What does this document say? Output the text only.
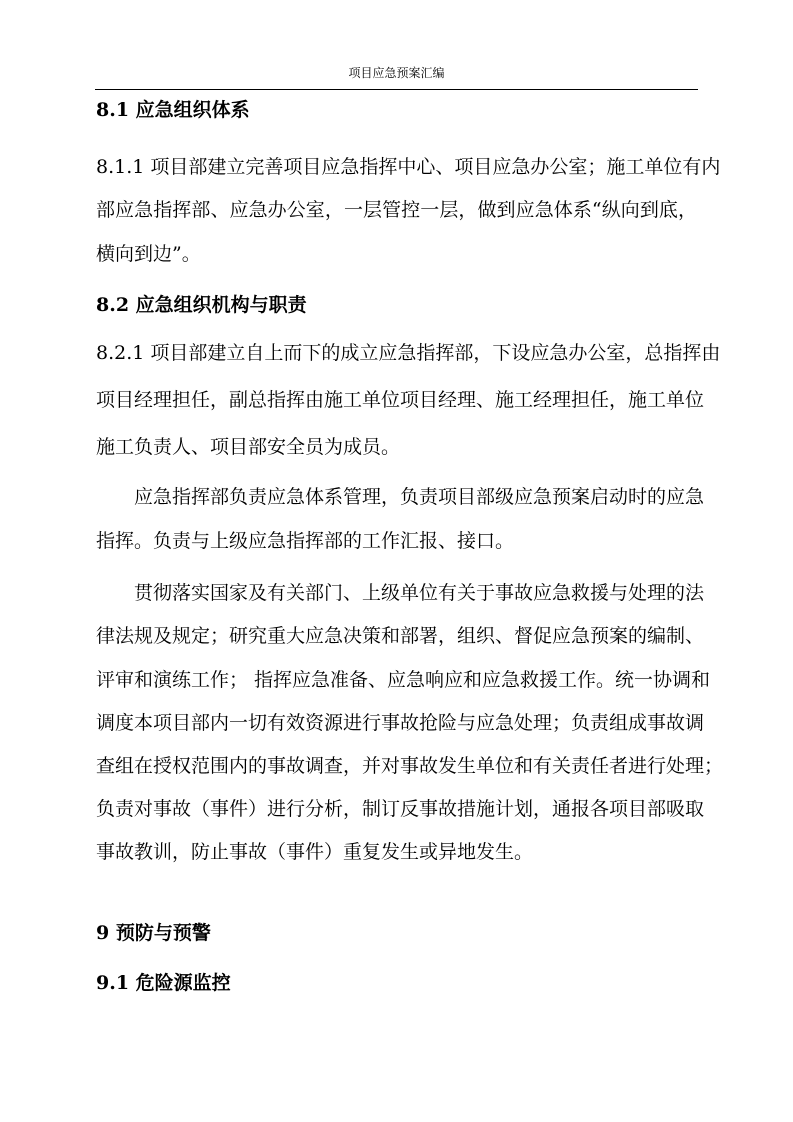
项目应急预案汇编
8.1 应急组织体系
8.1.1 项目部建立完善项目应急指挥中心、项目应急办公室；施工单位有内
部应急指挥部、应急办公室，一层管控一层，做到应急体系“纵向到底，
横向到边”。
8.2 应急组织机构与职责
8.2.1 项目部建立自上而下的成立应急指挥部，下设应急办公室，总指挥由
项目经理担任，副总指挥由施工单位项目经理、施工经理担任，施工单位
施工负责人、项目部安全员为成员。
应急指挥部负责应急体系管理，负责项目部级应急预案启动时的应急
指挥。负责与上级应急指挥部的工作汇报、接口。
贯彻落实国家及有关部门、上级单位有关于事故应急救援与处理的法
律法规及规定；研究重大应急决策和部署，组织、督促应急预案的编制、
评审和演练工作； 指挥应急准备、应急响应和应急救援工作。统一协调和
调度本项目部内一切有效资源进行事故抢险与应急处理；负责组成事故调
查组在授权范围内的事故调查，并对事故发生单位和有关责任者进行处理；
负责对事故（事件）进行分析，制订反事故措施计划，通报各项目部吸取
事故教训，防止事故（事件）重复发生或异地发生。
9 预防与预警
9.1 危险源监控
